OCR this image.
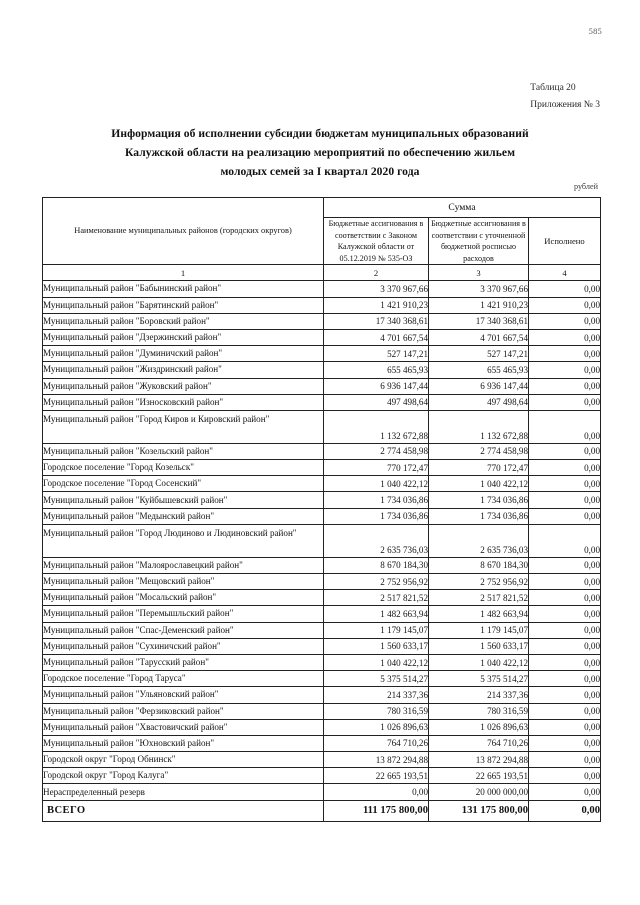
585
Таблица 20
Приложения № 3
Информация об исполнении субсидии бюджетам муниципальных образований
Калужской области на реализацию мероприятий по обеспечению жильем
молодых семей за I квартал 2020 года
рублей
Наименование муниципальных районов (городских округов)	Сумма		
	Бюджетные ассигнования в соответствии с Законом Калужской области от 05.12.2019 № 535-ОЗ	Бюджетные ассигнования в соответствии с уточненной бюджетной росписью расходов	Исполнено
1	2	3	4
Муниципальный район "Бабынинский район"	3 370 967,66	3 370 967,66	0,00
Муниципальный район "Барятинский район"	1 421 910,23	1 421 910,23	0,00
Муниципальный район "Боровский район"	17 340 368,61	17 340 368,61	0,00
Муниципальный район "Дзержинский район"	4 701 667,54	4 701 667,54	0,00
Муниципальный район "Думиничский район"	527 147,21	527 147,21	0,00
Муниципальный район "Жиздринский район"	655 465,93	655 465,93	0,00
Муниципальный район "Жуковский район"	6 936 147,44	6 936 147,44	0,00
Муниципальный район "Износковский район"	497 498,64	497 498,64	0,00
Муниципальный район "Город Киров и Кировский район"	1 132 672,88	1 132 672,88	0,00
Муниципальный район "Козельский район"	2 774 458,98	2 774 458,98	0,00
Городское поселение "Город Козельск"	770 172,47	770 172,47	0,00
Городское поселение "Город Сосенский"	1 040 422,12	1 040 422,12	0,00
Муниципальный район "Куйбышевский район"	1 734 036,86	1 734 036,86	0,00
Муниципальный район "Медынский район"	1 734 036,86	1 734 036,86	0,00
Муниципальный район "Город Людиново и Людиновский район"	2 635 736,03	2 635 736,03	0,00
Муниципальный район "Малоярославецкий район"	8 670 184,30	8 670 184,30	0,00
Муниципальный район "Мещовский район"	2 752 956,92	2 752 956,92	0,00
Муниципальный район "Мосальский район"	2 517 821,52	2 517 821,52	0,00
Муниципальный район "Перемышльский район"	1 482 663,94	1 482 663,94	0,00
Муниципальный район "Спас-Деменский район"	1 179 145,07	1 179 145,07	0,00
Муниципальный район "Сухиничский район"	1 560 633,17	1 560 633,17	0,00
Муниципальный район "Тарусский район"	1 040 422,12	1 040 422,12	0,00
Городское поселение "Город Таруса"	5 375 514,27	5 375 514,27	0,00
Муниципальный район "Ульяновский район"	214 337,36	214 337,36	0,00
Муниципальный район "Ферзиковский район"	780 316,59	780 316,59	0,00
Муниципальный район "Хвастовичский район"	1 026 896,63	1 026 896,63	0,00
Муниципальный район "Юхновский район"	764 710,26	764 710,26	0,00
Городской округ "Город Обнинск"	13 872 294,88	13 872 294,88	0,00
Городской округ "Город Калуга"	22 665 193,51	22 665 193,51	0,00
Нераспределенный резерв	0,00	20 000 000,00	0,00
ВСЕГО	111 175 800,00	131 175 800,00	0,00
